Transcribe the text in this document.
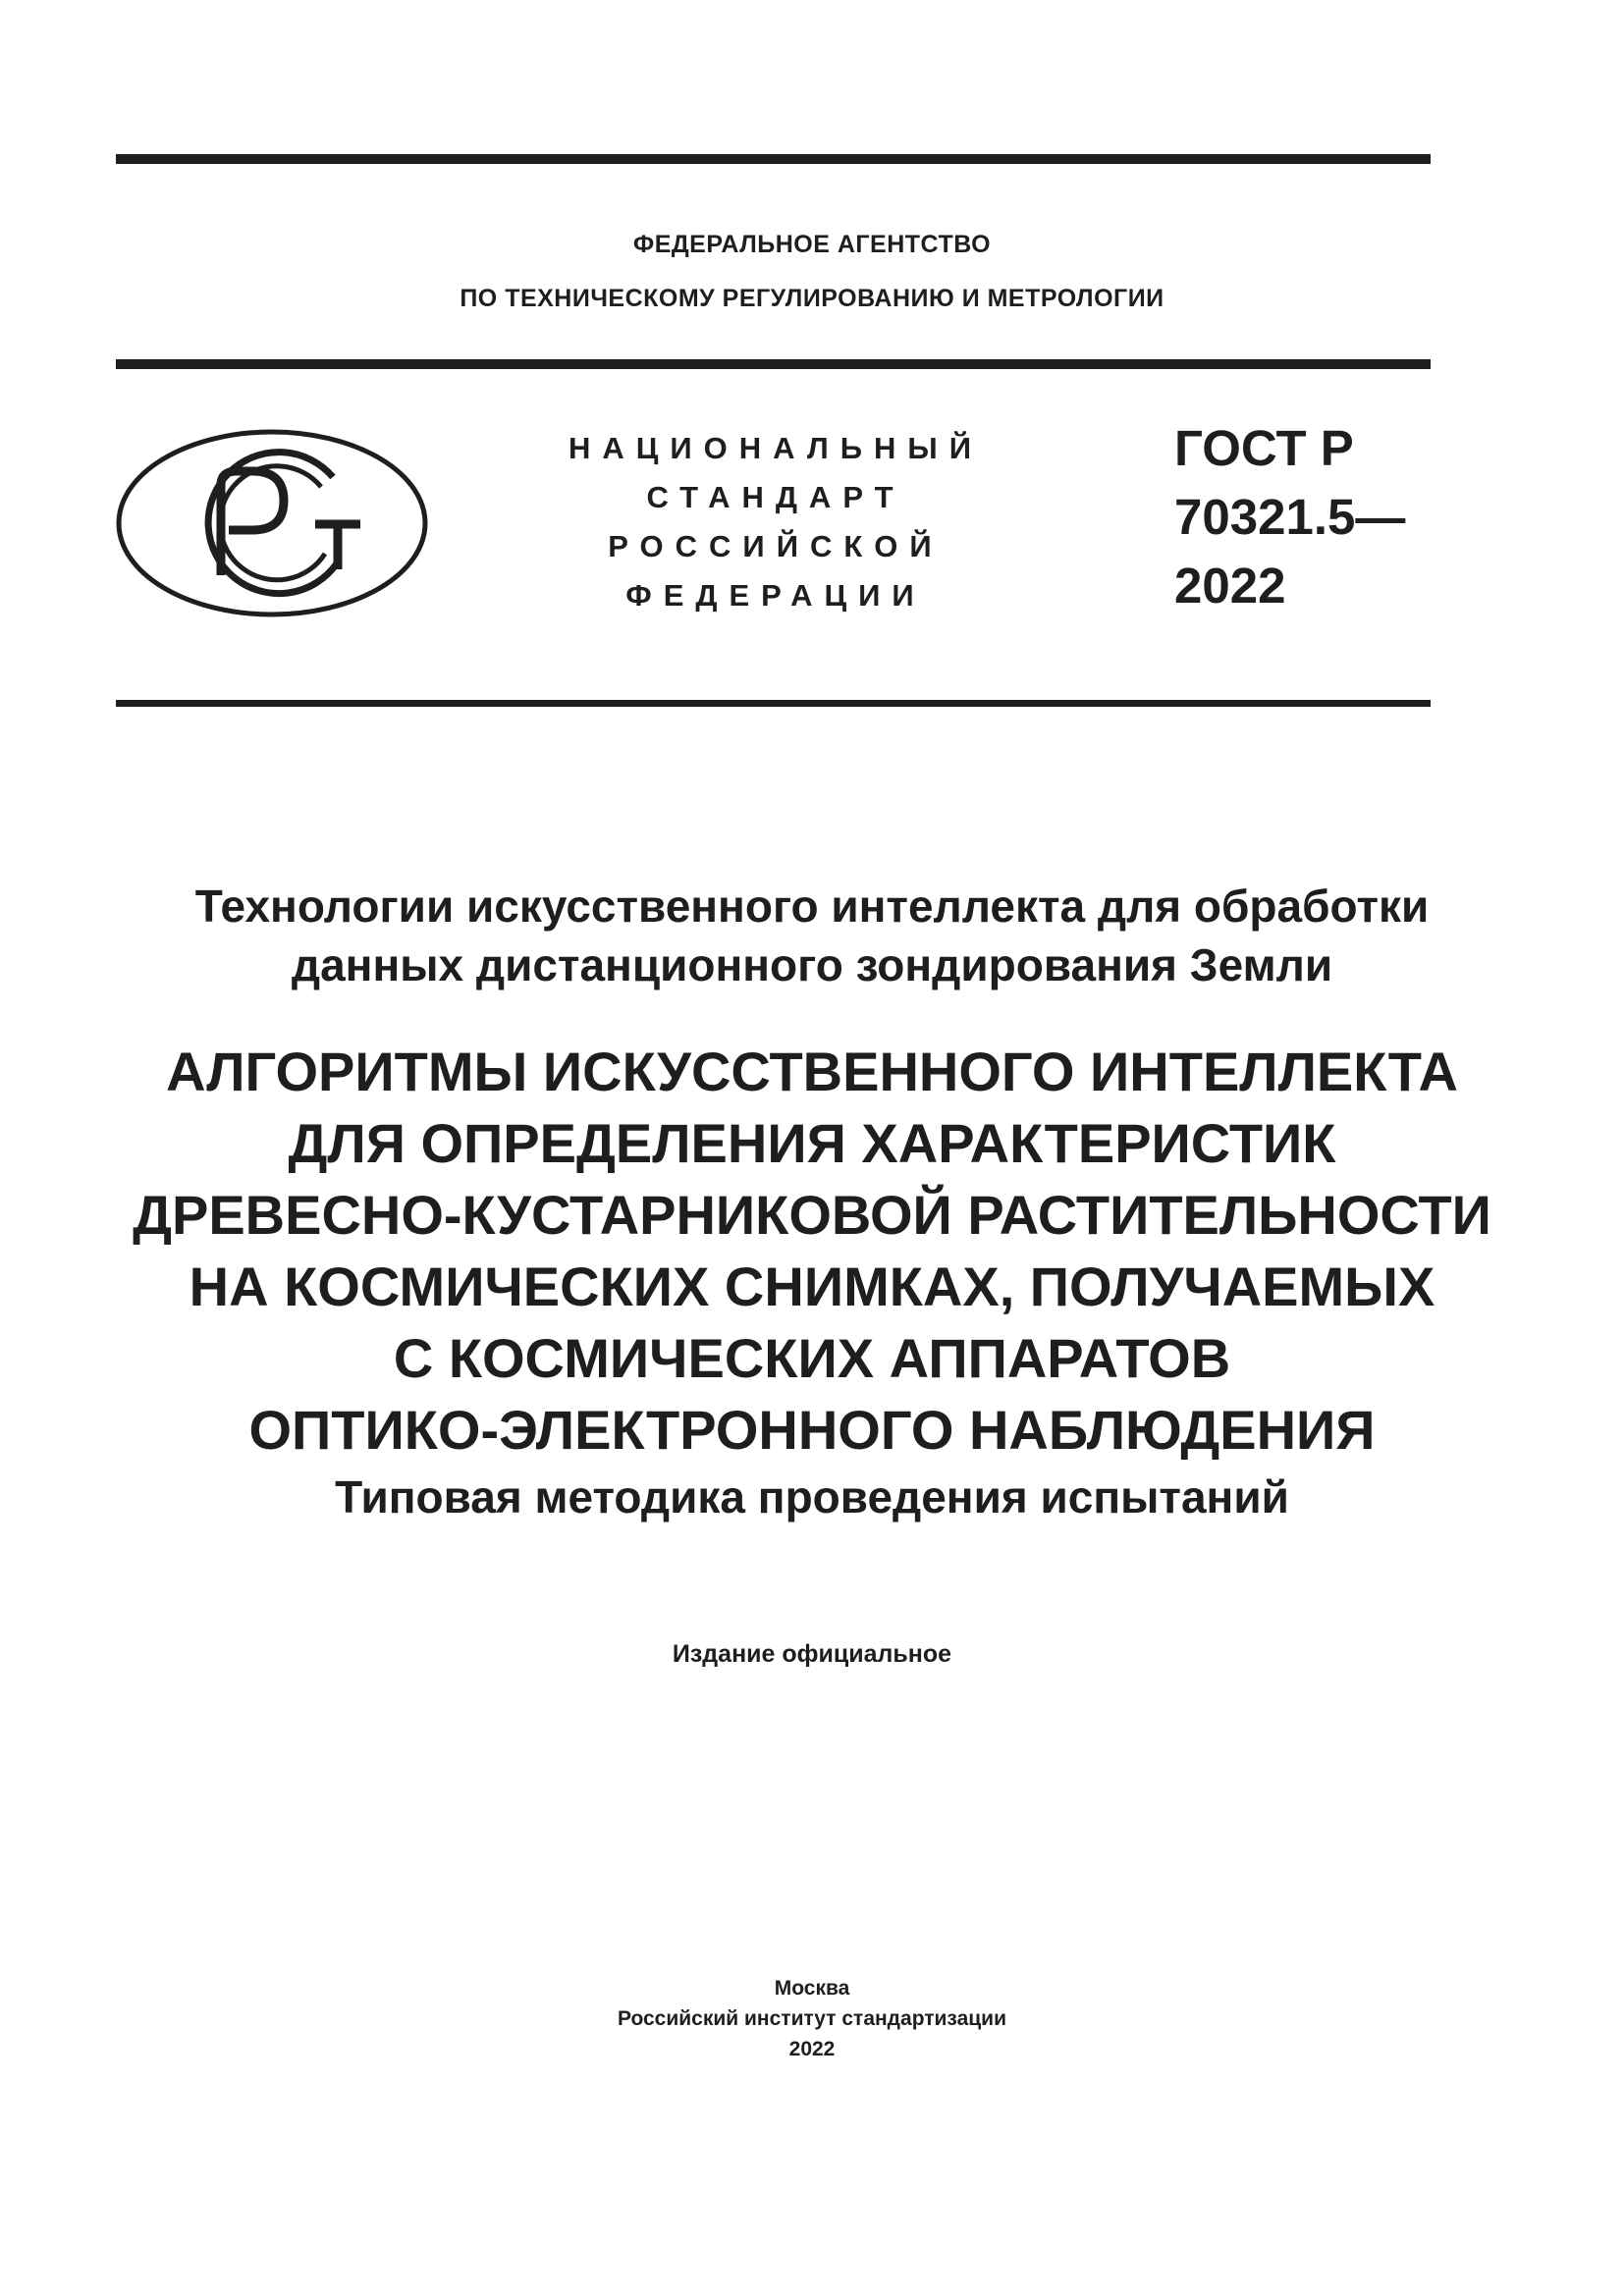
ФЕДЕРАЛЬНОЕ АГЕНТСТВО
ПО ТЕХНИЧЕСКОМУ РЕГУЛИРОВАНИЮ И МЕТРОЛОГИИ
НАЦИОНАЛЬНЫЙ
СТАНДАРТ
РОССИЙСКОЙ
ФЕДЕРАЦИИ
ГОСТ Р
70321.5—
2022
Технологии искусственного интеллекта для обработки
данных дистанционного зондирования Земли
АЛГОРИТМЫ ИСКУССТВЕННОГО ИНТЕЛЛЕКТА
ДЛЯ ОПРЕДЕЛЕНИЯ ХАРАКТЕРИСТИК
ДРЕВЕСНО-КУСТАРНИКОВОЙ РАСТИТЕЛЬНОСТИ
НА КОСМИЧЕСКИХ СНИМКАХ, ПОЛУЧАЕМЫХ
С КОСМИЧЕСКИХ АППАРАТОВ
ОПТИКО-ЭЛЕКТРОННОГО НАБЛЮДЕНИЯ
Типовая методика проведения испытаний
Издание официальное
Москва
Российский институт стандартизации
2022
